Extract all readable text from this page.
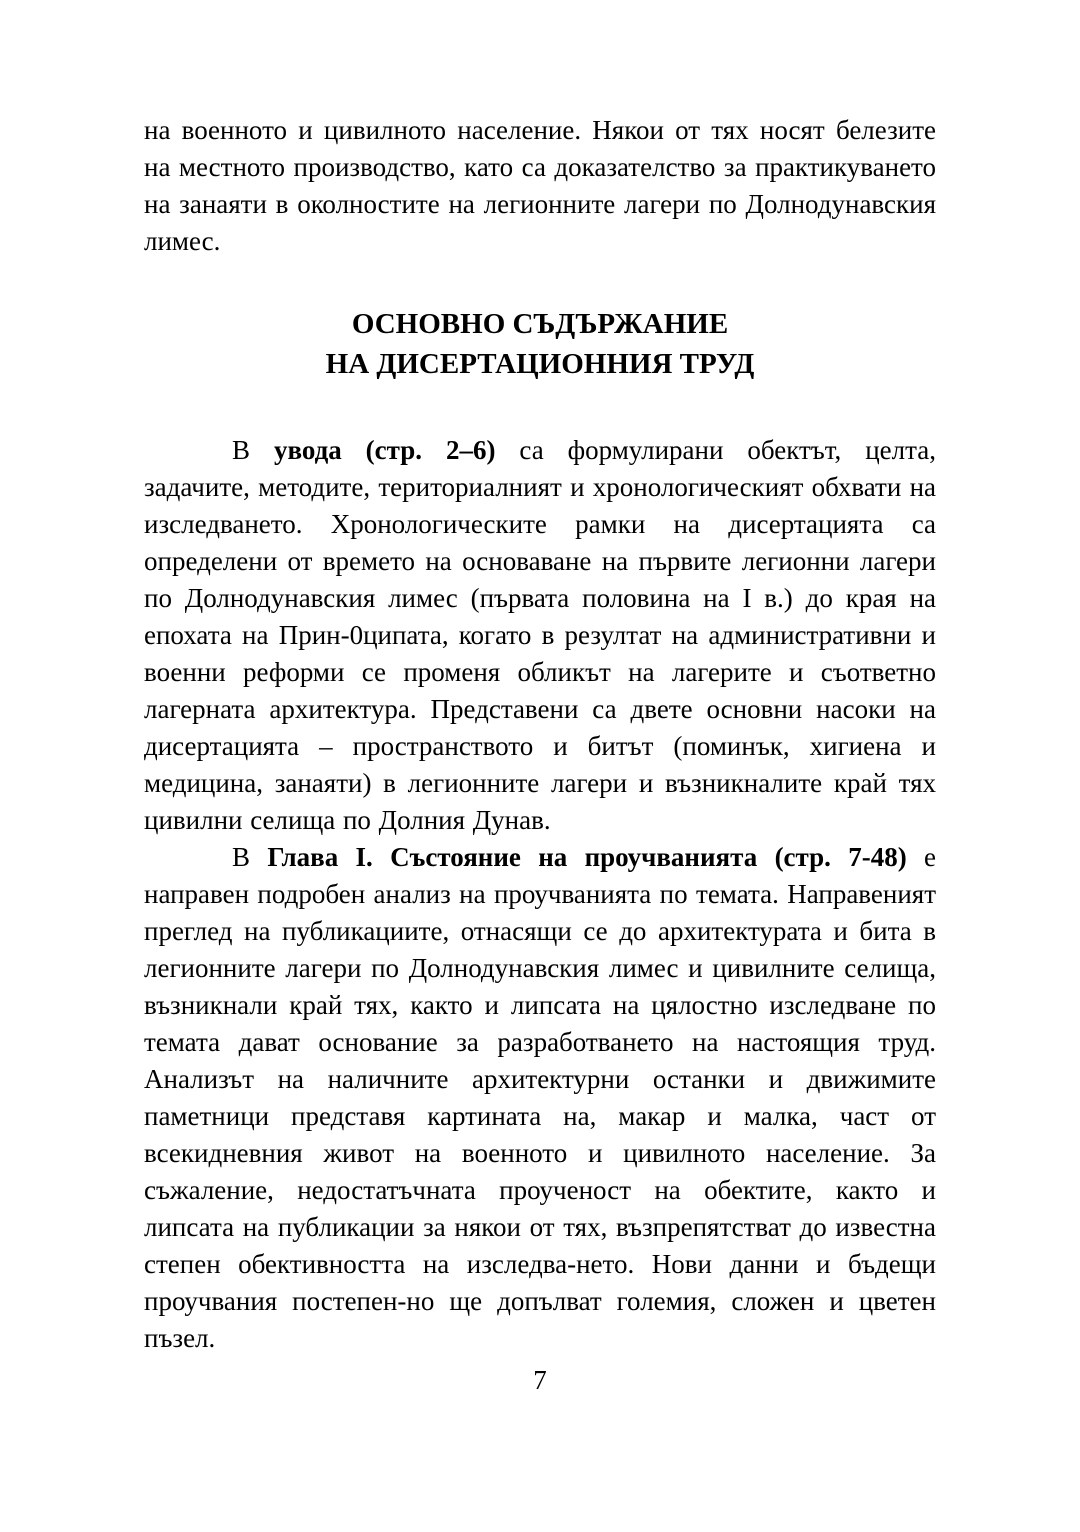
на военното и цивилното население. Някои от тях носят белезите на местното производство, като са доказателство за практикуването на занаяти в околностите на легионните лагери по Долнодунавския лимес.

ОСНОВНО СЪДЪРЖАНИЕ
НА ДИСЕРТАЦИОННИЯ ТРУД

В увода (стр. 2–6) са формулирани обектът, целта, задачите, методите, териториалният и хронологическият обхвати на изследването. Хронологическите рамки на дисертацията са определени от времето на основаване на първите легионни лагери по Долнодунавския лимес (първата половина на I в.) до края на епохата на Прин-0ципата, когато в резултат на административни и военни реформи се променя обликът на лагерите и съответно лагерната архитектура. Представени са двете основни насоки на дисертацията – пространството и битът (поминък, хигиена и медицина, занаяти) в легионните лагери и възникналите край тях цивилни селища по Долния Дунав.

В Глава I. Състояние на проучванията (стр. 7-48) е направен подробен анализ на проучванията по темата. Направеният преглед на публикациите, отнасящи се до архитектурата и бита в легионните лагери по Долнодунавския лимес и цивилните селища, възникнали край тях, както и липсата на цялостно изследване по темата дават основание за разработването на настоящия труд. Анализът на наличните архитектурни останки и движимите паметници представя картината на, макар и малка, част от всекидневния живот на военното и цивилното население. За съжаление, недостатъчната проученост на обектите, както и липсата на публикации за някои от тях, възпрепятстват до известна степен обективността на изследва-нето. Нови данни и бъдещи проучвания постепен-но ще допълват големия, сложен и цветен пъзел.

7
